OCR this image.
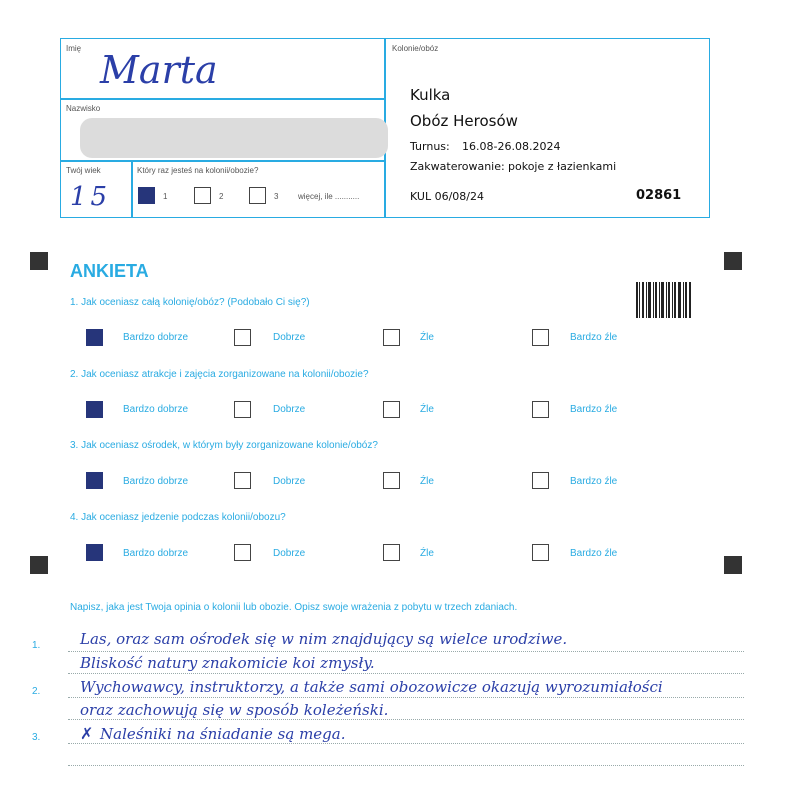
Imię Marta
Nazwisko
Twój wiek
15
Który raz jesteś na kolonii/obozie?
1	2	3 więcej, ile ...........
Kolonie/obóz
Kulka
Obóz Herosów
Turnus: 16.08-26.08.2024
Zakwaterowanie: pokoje z łazienkami
KUL 06/08/24	02861
ANKIETA
1. Jak oceniasz całą kolonię/obóz? (Podobało Ci się?)
Bardzo dobrze	Dobrze	Źle	Bardzo źle
2. Jak oceniasz atrakcje i zajęcia zorganizowane na kolonii/obozie?
Bardzo dobrze	Dobrze	Źle	Bardzo źle
3. Jak oceniasz ośrodek, w którym były zorganizowane kolonie/obóz?
Bardzo dobrze	Dobrze	Źle	Bardzo źle
4. Jak oceniasz jedzenie podczas kolonii/obozu?
Bardzo dobrze	Dobrze	Źle	Bardzo źle
Napisz, jaka jest Twoja opinia o kolonii lub obozie. Opisz swoje wrażenia z pobytu w trzech zdaniach.
1.
2.
3.
Las, oraz sam ośrodek się w nim znajdujący są wielce urodziwe.
Bliskość natury znakomicie koi zmysły.
Wychowawcy, instruktorzy, a także sami obozowicze okazują wyrozumiałości
oraz zachowują się w sposób koleżeński.
Naleśniki na śniadanie są mega.
✗
